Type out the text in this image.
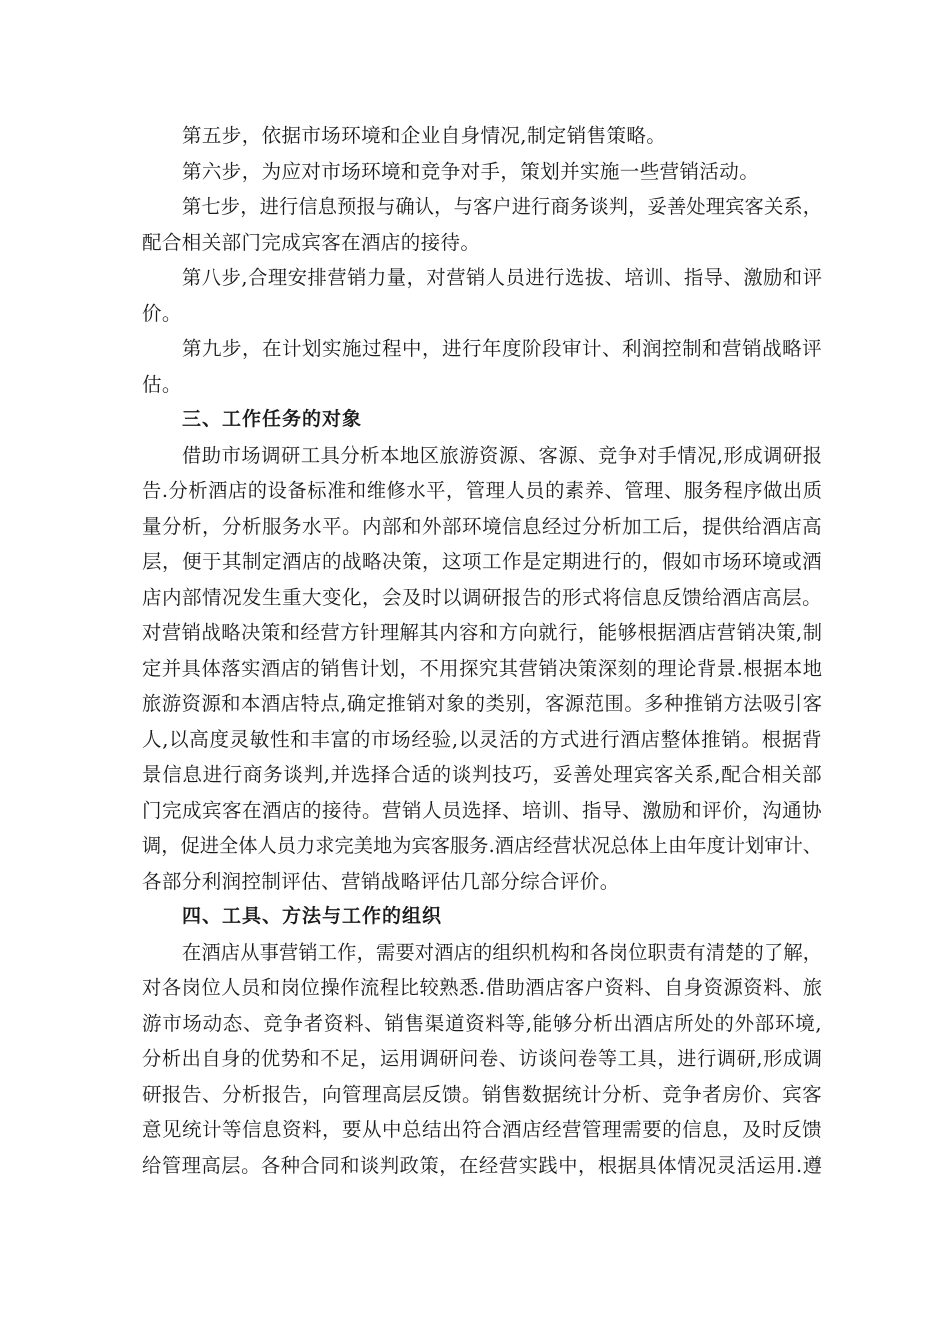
第五步，依据市场环境和企业自身情况,制定销售策略。
第六步，为应对市场环境和竞争对手，策划并实施一些营销活动。
第七步，进行信息预报与确认，与客户进行商务谈判，妥善处理宾客关系，
配合相关部门完成宾客在酒店的接待。
第八步,合理安排营销力量，对营销人员进行选拔、培训、指导、激励和评
价。
第九步，在计划实施过程中，进行年度阶段审计、利润控制和营销战略评
估。
三、工作任务的对象
借助市场调研工具分析本地区旅游资源、客源、竞争对手情况,形成调研报
告.分析酒店的设备标准和维修水平，管理人员的素养、管理、服务程序做出质
量分析，分析服务水平。内部和外部环境信息经过分析加工后，提供给酒店高
层，便于其制定酒店的战略决策，这项工作是定期进行的，假如市场环境或酒
店内部情况发生重大变化，会及时以调研报告的形式将信息反馈给酒店高层。
对营销战略决策和经营方针理解其内容和方向就行，能够根据酒店营销决策,制
定并具体落实酒店的销售计划，不用探究其营销决策深刻的理论背景.根据本地
旅游资源和本酒店特点,确定推销对象的类别，客源范围。多种推销方法吸引客
人,以高度灵敏性和丰富的市场经验,以灵活的方式进行酒店整体推销。根据背
景信息进行商务谈判,并选择合适的谈判技巧，妥善处理宾客关系,配合相关部
门完成宾客在酒店的接待。营销人员选择、培训、指导、激励和评价，沟通协
调，促进全体人员力求完美地为宾客服务.酒店经营状况总体上由年度计划审计、
各部分利润控制评估、营销战略评估几部分综合评价。
四、工具、方法与工作的组织
在酒店从事营销工作，需要对酒店的组织机构和各岗位职责有清楚的了解，
对各岗位人员和岗位操作流程比较熟悉.借助酒店客户资料、自身资源资料、旅
游市场动态、竞争者资料、销售渠道资料等,能够分析出酒店所处的外部环境,
分析出自身的优势和不足，运用调研问卷、访谈问卷等工具，进行调研,形成调
研报告、分析报告，向管理高层反馈。销售数据统计分析、竞争者房价、宾客
意见统计等信息资料，要从中总结出符合酒店经营管理需要的信息，及时反馈
给管理高层。各种合同和谈判政策，在经营实践中，根据具体情况灵活运用.遵
